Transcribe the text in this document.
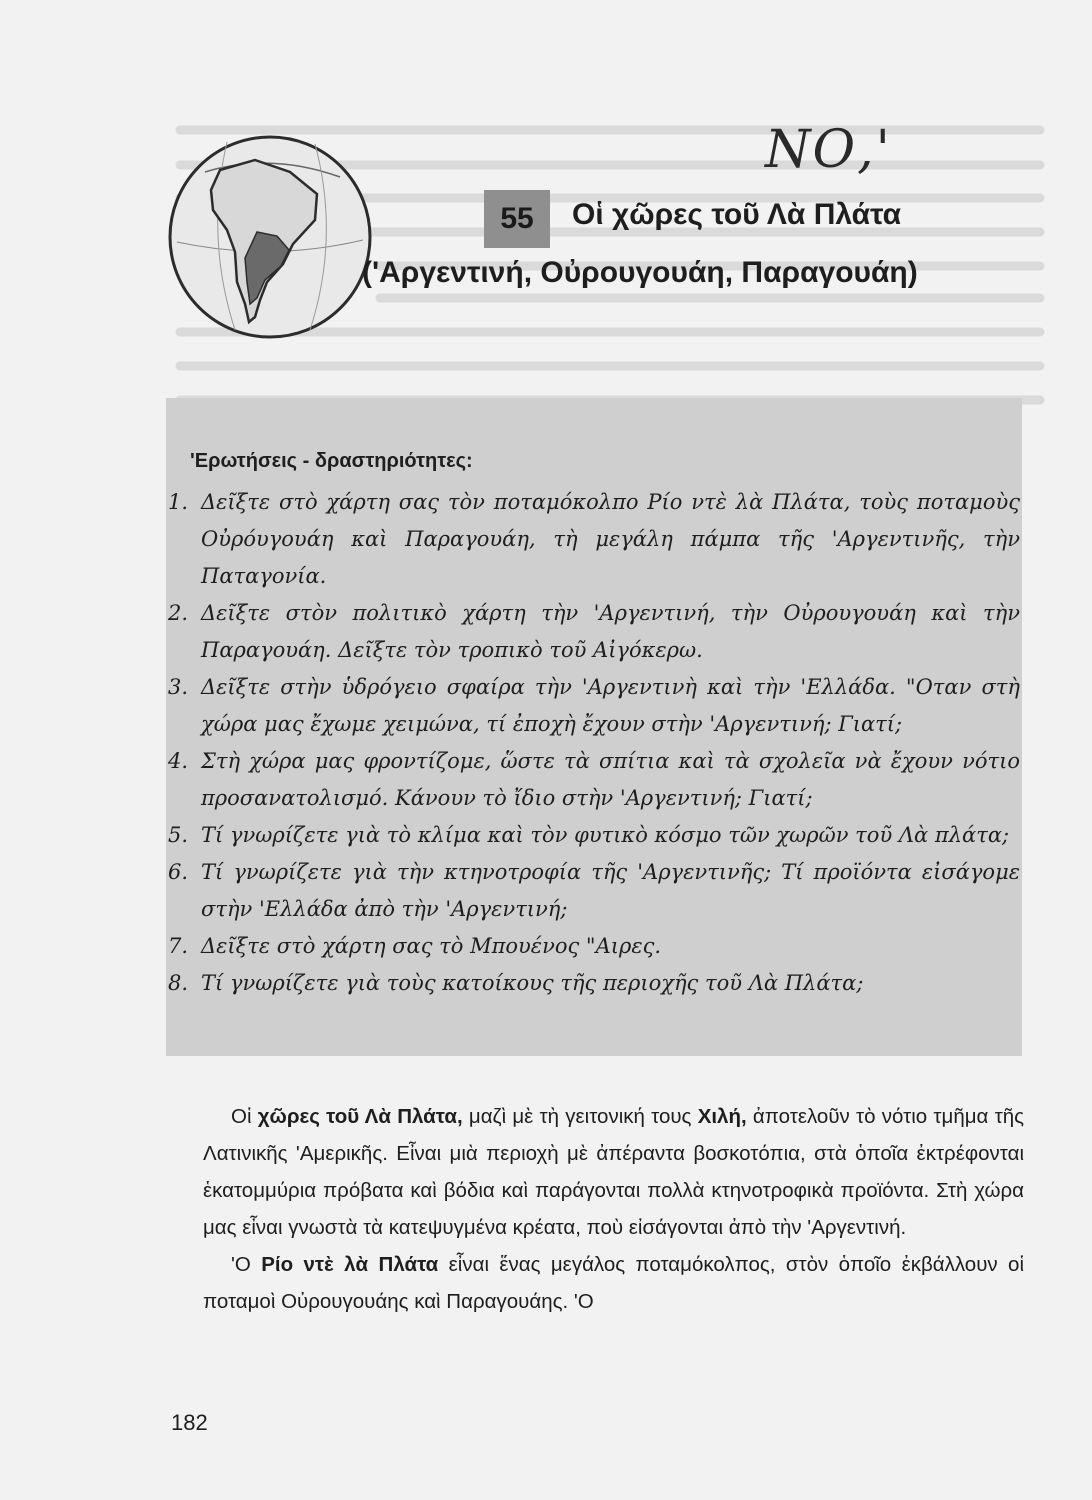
ΝΟ,'
55	Οἱ χῶρες τοῦ Λὰ Πλάτα
('Αργεντινή, Οὐρουγουάη, Παραγουάη)
'Ερωτήσεις - δραστηριότητες:
1. Δεῖξτε στὸ χάρτη σας τὸν ποταμόκολπο Ρίο ντὲ λὰ Πλάτα, τοὺς ποταμοὺς Οὐρόυγουάη καὶ Παραγουάη, τὴ μεγάλη πάμπα τῆς 'Αργεντινῆς, τὴν Παταγονία.
2. Δεῖξτε στὸν πολιτικὸ χάρτη τὴν 'Αργεντινή, τὴν Οὐρουγουάη καὶ τὴν Παραγουάη. Δεῖξτε τὸν τροπικὸ τοῦ Αἰγόκερω.
3. Δεῖξτε στὴν ὑδρόγειο σφαίρα τὴν 'Αργεντινὴ καὶ τὴν 'Ελλάδα. "Οταν στὴ χώρα μας ἔχωμε χειμώνα, τί ἐποχὴ ἔχουν στὴν 'Αργεντινή; Γιατί;
4. Στὴ χώρα μας φροντίζομε, ὥστε τὰ σπίτια καὶ τὰ σχολεῖα νὰ ἔχουν νότιο προσανατολισμό. Κάνουν τὸ ἴδιο στὴν 'Αργεντινή; Γιατί;
5. Τί γνωρίζετε γιὰ τὸ κλίμα καὶ τὸν φυτικὸ κόσμο τῶν χωρῶν τοῦ Λὰ πλάτα;
6. Τί γνωρίζετε γιὰ τὴν κτηνοτροφία τῆς 'Αργεντινῆς; Τί προϊόντα εἰσάγομε στὴν 'Ελλάδα ἀπὸ τὴν 'Αργεντινή;
7. Δεῖξτε στὸ χάρτη σας τὸ Μπουένος "Αιρες.
8. Τί γνωρίζετε γιὰ τοὺς κατοίκους τῆς περιοχῆς τοῦ Λὰ Πλάτα;

Οἱ χῶρες τοῦ Λὰ Πλάτα, μαζὶ μὲ τὴ γειτονική τους Χιλή, ἀποτελοῦν τὸ νότιο τμῆμα τῆς Λατινικῆς 'Αμερικῆς. Εἶναι μιὰ περιοχὴ μὲ ἀπέραντα βοσκοτόπια, στὰ ὁποῖα ἐκτρέφονται ἑκατομμύρια πρόβατα καὶ βόδια καὶ παράγονται πολλὰ κτηνοτροφικὰ προϊόντα. Στὴ χώρα μας εἶναι γνωστὰ τὰ κατεψυγμένα κρέατα, ποὺ εἰσάγονται ἀπὸ τὴν 'Αργεντινή.

'Ο Ρίο ντὲ λὰ Πλάτα εἶναι ἕνας μεγάλος ποταμόκολπος, στὸν ὁποῖο ἐκβάλλουν οἱ ποταμοὶ Οὐρουγουάης καὶ Παραγουάης. 'Ο

182
